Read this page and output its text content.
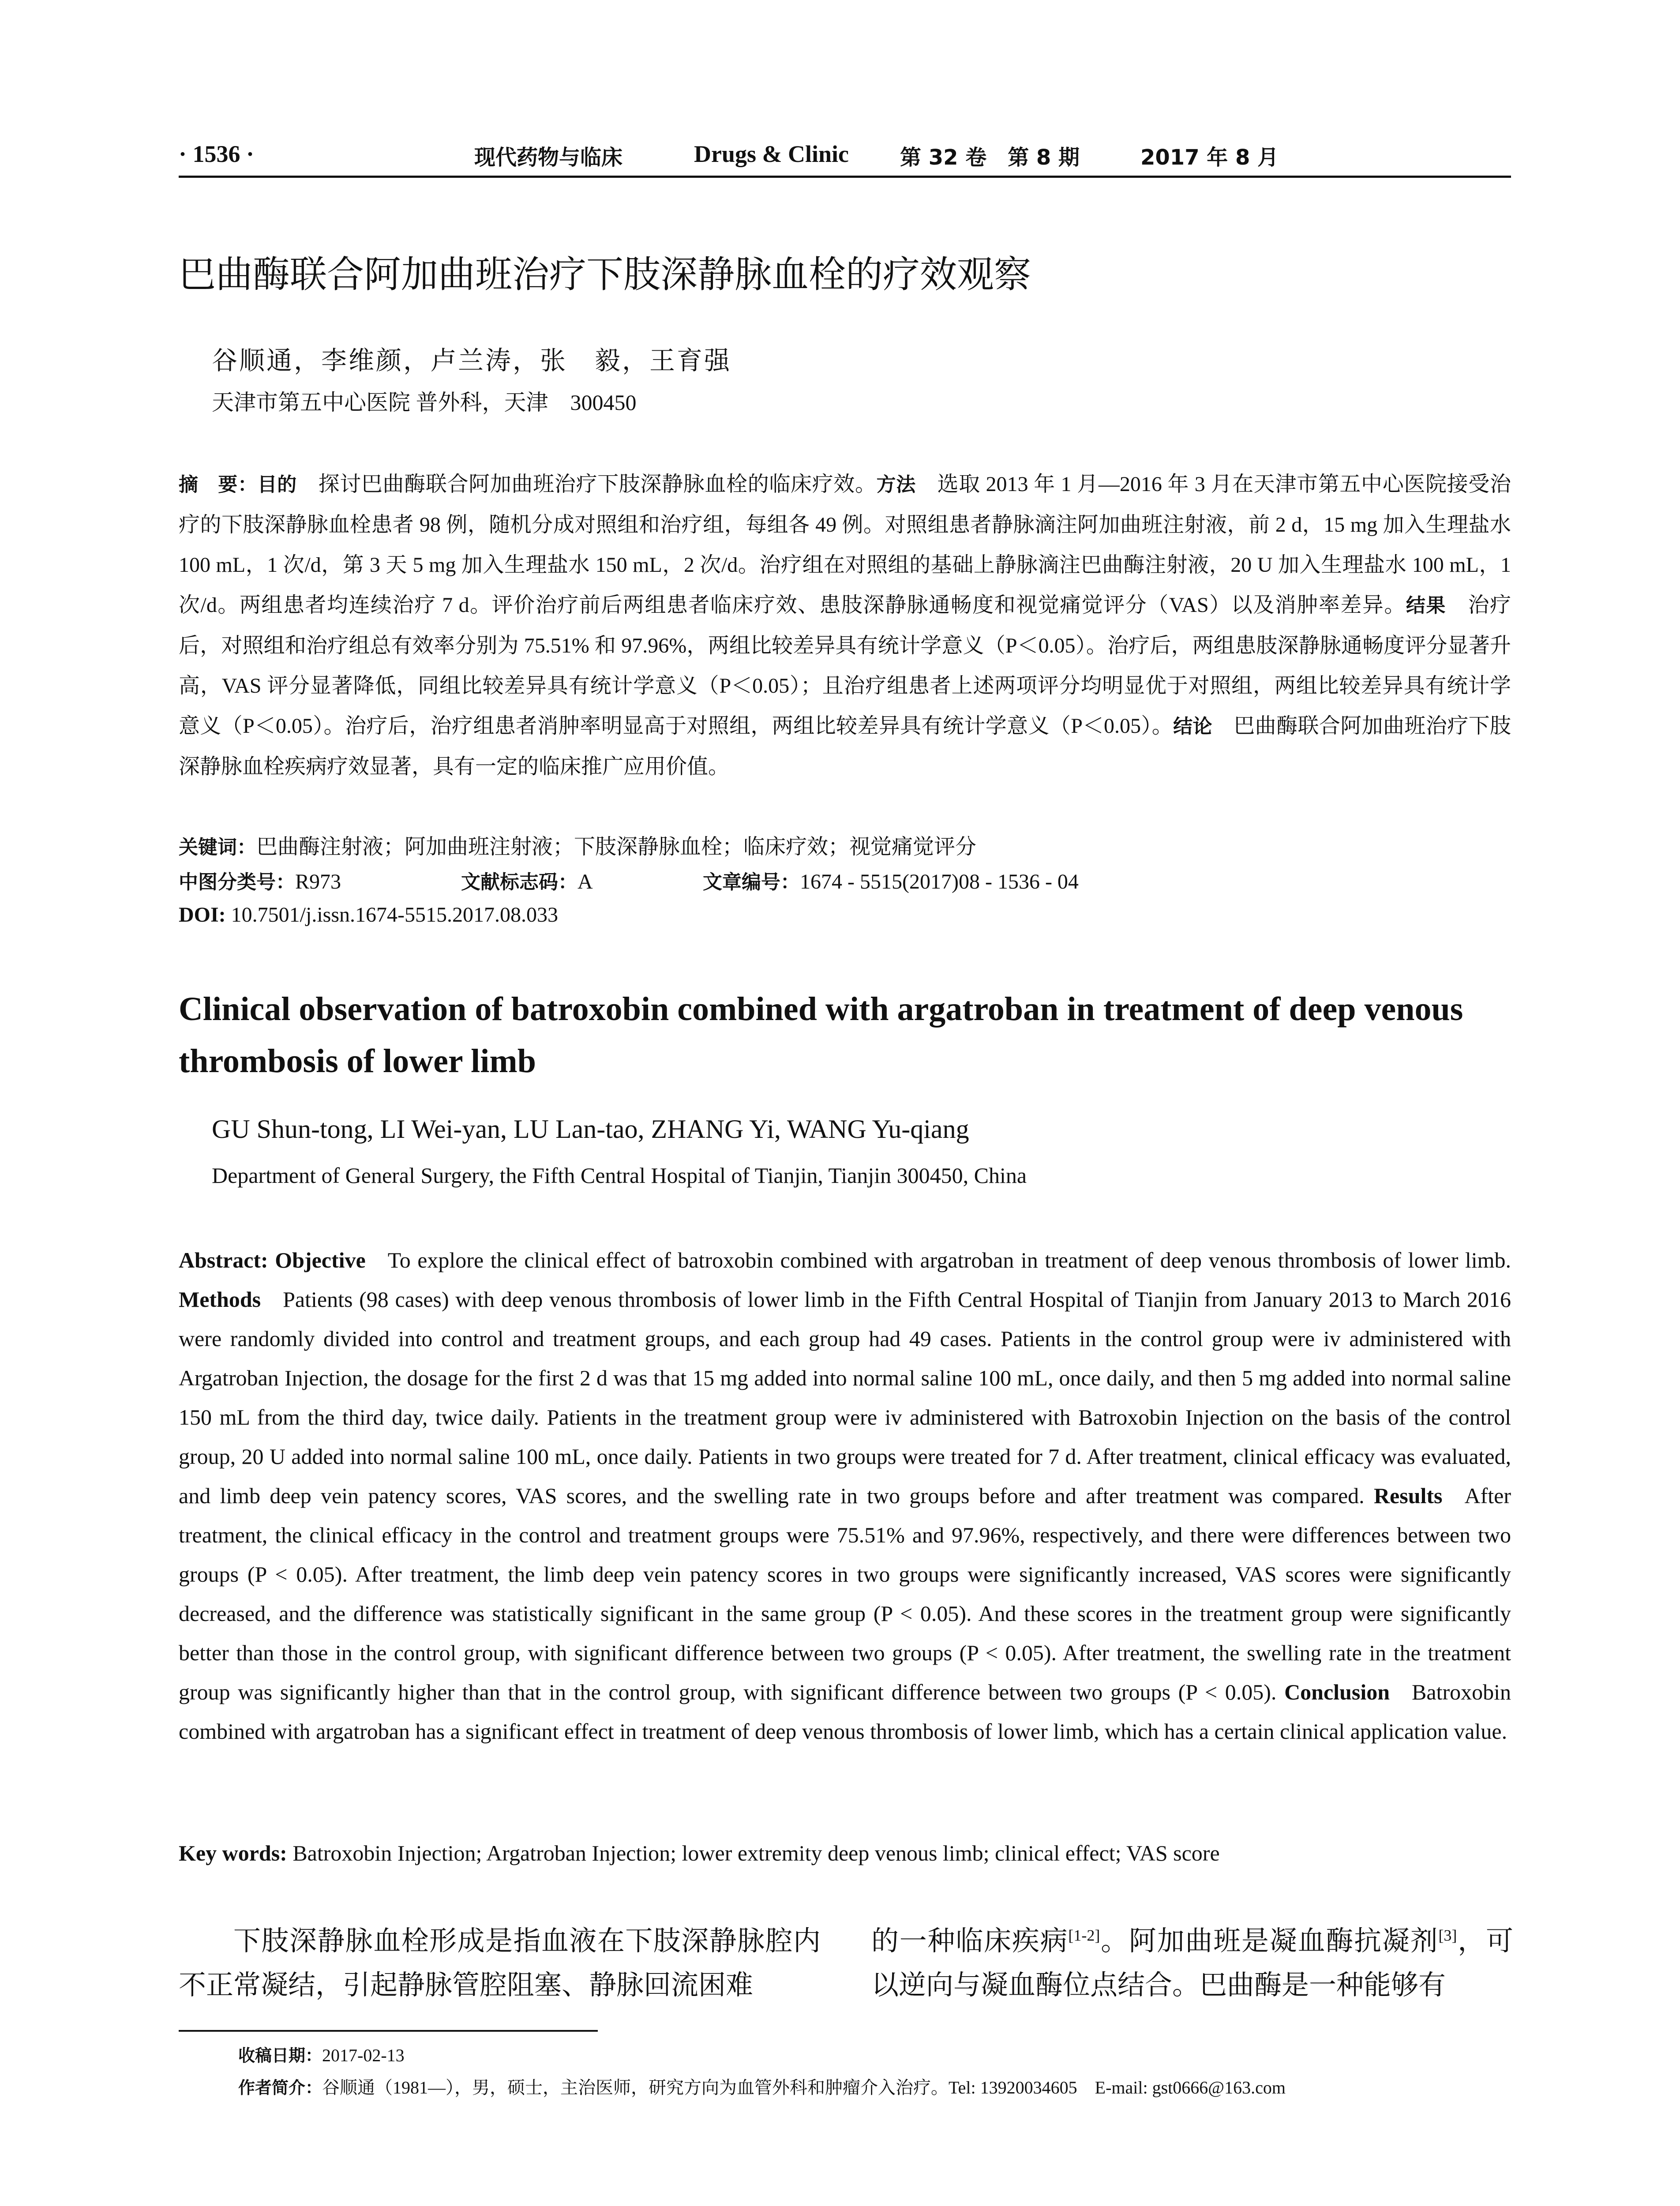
· 1536 ·	现代药物与临床	Drugs & Clinic 第 32 卷　第 8 期	2017 年 8 月
巴曲酶联合阿加曲班治疗下肢深静脉血栓的疗效观察
谷顺通，李维颜，卢兰涛，张　毅，王育强
天津市第五中心医院 普外科，天津　300450
摘　要：目的　 探讨巴曲酶联合阿加曲班治疗下肢深静脉血栓的临床疗效。方法　 选取 2013 年 1 月—2016 年 3 月在天津市第五中心医院接受治疗的下肢深静脉血栓患者 98 例，随机分成对照组和治疗组，每组各 49 例。对照组患者静脉滴注阿加曲班注射液，前 2 d，15 mg 加入生理盐水 100 mL，1 次/d，第 3 天 5 mg 加入生理盐水 150 mL，2 次/d。治疗组在对照组的基础上静脉滴注巴曲酶注射液，20 U 加入生理盐水 100 mL，1 次/d。两组患者均连续治疗 7 d。评价治疗前后两组患者临床疗效、患肢深静脉通畅度和视觉痛觉评分（VAS）以及消肿率差异。结果　 治疗后，对照组和治疗组总有效率分别为 75.51% 和 97.96%，两组比较差异具有统计学意义（P＜0.05）。治疗后，两组患肢深静脉通畅度评分显著升高，VAS 评分显著降低，同组比较差异具有统计学意义（P＜0.05）；且治疗组患者上述两项评分均明显优于对照组，两组比较差异具有统计学意义（P＜0.05）。治疗后，治疗组患者消肿率明显高于对照组，两组比较差异具有统计学意义（P＜0.05）。结论　 巴曲酶联合阿加曲班治疗下肢深静脉血栓疾病疗效显著，具有一定的临床推广应用价值。
关键词：巴曲酶注射液；阿加曲班注射液；下肢深静脉血栓；临床疗效；视觉痛觉评分
中图分类号：R973	文献标志码：A	文章编号：1674 - 5515(2017)08 - 1536 - 04
DOI: 10.7501/j.issn.1674-5515.2017.08.033
Clinical observation of batroxobin combined with argatroban in treatment of deep venous thrombosis of lower limb
GU Shun-tong, LI Wei-yan, LU Lan-tao, ZHANG Yi, WANG Yu-qiang
Department of General Surgery, the Fifth Central Hospital of Tianjin, Tianjin 300450, China
Abstract: Objective  To explore the clinical effect of batroxobin combined with argatroban in treatment of deep venous thrombosis of lower limb. Methods  Patients (98 cases) with deep venous thrombosis of lower limb in the Fifth Central Hospital of Tianjin from January 2013 to March 2016 were randomly divided into control and treatment groups, and each group had 49 cases. Patients in the control group were iv administered with Argatroban Injection, the dosage for the first 2 d was that 15 mg added into normal saline 100 mL, once daily, and then 5 mg added into normal saline 150 mL from the third day, twice daily. Patients in the treatment group were iv administered with Batroxobin Injection on the basis of the control group, 20 U added into normal saline 100 mL, once daily. Patients in two groups were treated for 7 d. After treatment, clinical efficacy was evaluated, and limb deep vein patency scores, VAS scores, and the swelling rate in two groups before and after treatment was compared. Results  After treatment, the clinical efficacy in the control and treatment groups were 75.51% and 97.96%, respectively, and there were differences between two groups (P < 0.05). After treatment, the limb deep vein patency scores in two groups were significantly increased, VAS scores were significantly decreased, and the difference was statistically significant in the same group (P < 0.05). And these scores in the treatment group were significantly better than those in the control group, with significant difference between two groups (P < 0.05). After treatment, the swelling rate in the treatment group was significantly higher than that in the control group, with significant difference between two groups (P < 0.05). Conclusion  Batroxobin combined with argatroban has a significant effect in treatment of deep venous thrombosis of lower limb, which has a certain clinical application value.
Key words: Batroxobin Injection; Argatroban Injection; lower extremity deep venous limb; clinical effect; VAS score
下肢深静脉血栓形成是指血液在下肢深静脉腔内不正常凝结，引起静脉管腔阻塞、静脉回流困难
的一种临床疾病[1-2]。阿加曲班是凝血酶抗凝剂[3]，可以逆向与凝血酶位点结合。巴曲酶是一种能够有
收稿日期：2017-02-13
作者简介：谷顺通（1981—），男，硕士，主治医师，研究方向为血管外科和肿瘤介入治疗。Tel: 13920034605　E-mail: gst0666@163.com
